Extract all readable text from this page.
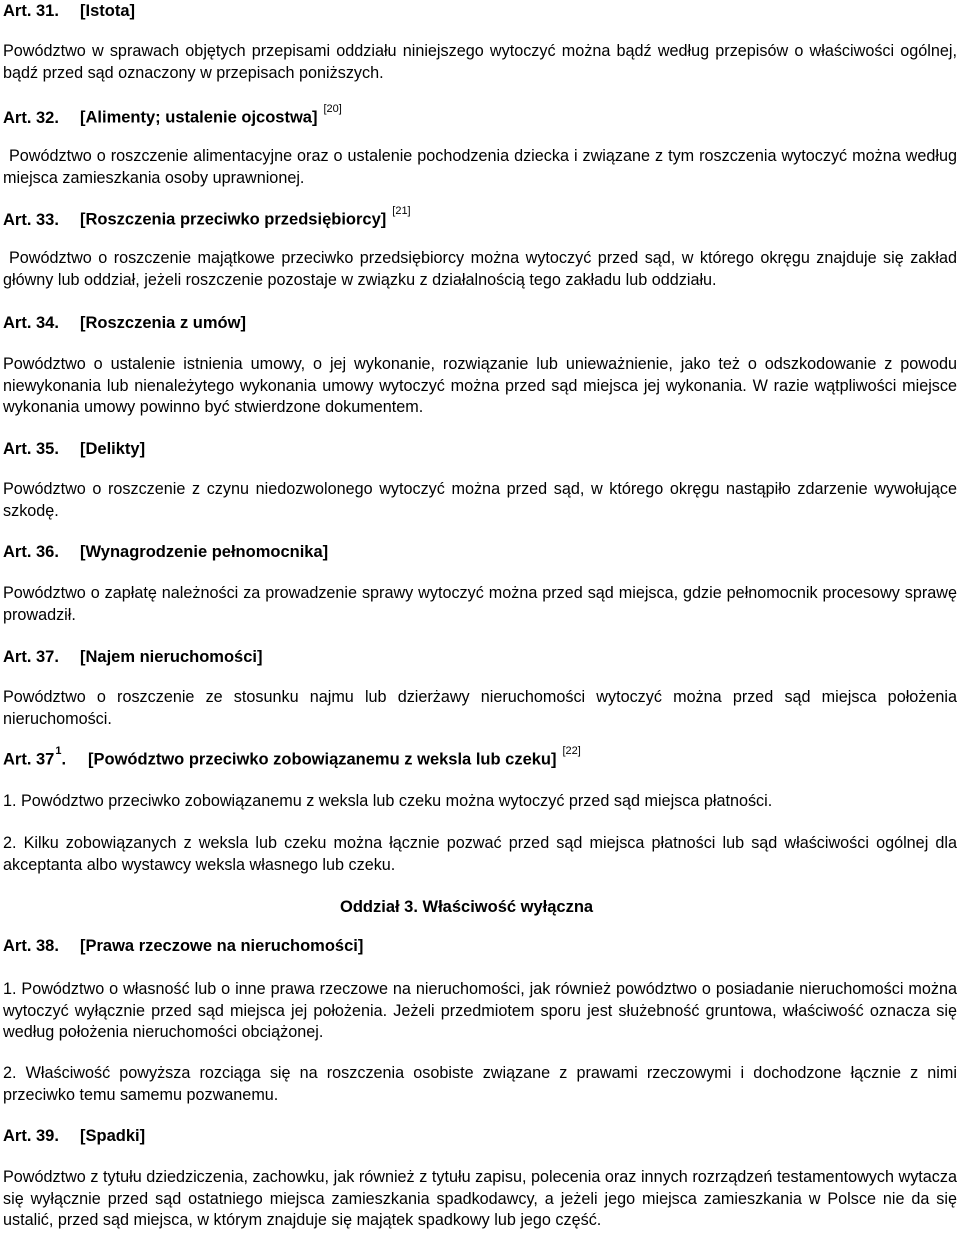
Art. 31. [Istota]
Powództwo w sprawach objętych przepisami oddziału niniejszego wytoczyć można bądź według przepisów o właściwości ogólnej, bądź przed sąd oznaczony w przepisach poniższych.
Art. 32. [Alimenty; ustalenie ojcostwa] [20]
Powództwo o roszczenie alimentacyjne oraz o ustalenie pochodzenia dziecka i związane z tym roszczenia wytoczyć można według miejsca zamieszkania osoby uprawnionej.
Art. 33. [Roszczenia przeciwko przedsiębiorcy] [21]
Powództwo o roszczenie majątkowe przeciwko przedsiębiorcy można wytoczyć przed sąd, w którego okręgu znajduje się zakład główny lub oddział, jeżeli roszczenie pozostaje w związku z działalnością tego zakładu lub oddziału.
Art. 34. [Roszczenia z umów]
Powództwo o ustalenie istnienia umowy, o jej wykonanie, rozwiązanie lub unieważnienie, jako też o odszkodowanie z powodu niewykonania lub nienależytego wykonania umowy wytoczyć można przed sąd miejsca jej wykonania. W razie wątpliwości miejsce wykonania umowy powinno być stwierdzone dokumentem.
Art. 35. [Delikty]
Powództwo o roszczenie z czynu niedozwolonego wytoczyć można przed sąd, w którego okręgu nastąpiło zdarzenie wywołujące szkodę.
Art. 36. [Wynagrodzenie pełnomocnika]
Powództwo o zapłatę należności za prowadzenie sprawy wytoczyć można przed sąd miejsca, gdzie pełnomocnik procesowy sprawę prowadził.
Art. 37. [Najem nieruchomości]
Powództwo o roszczenie ze stosunku najmu lub dzierżawy nieruchomości wytoczyć można przed sąd miejsca położenia nieruchomości.
Art. $37^1$. [Powództwo przeciwko zobowiązanemu z weksla lub czeku] [22]
1. Powództwo przeciwko zobowiązanemu z weksla lub czeku można wytoczyć przed sąd miejsca płatności.
2. Kilku zobowiązanych z weksla lub czeku można łącznie pozwać przed sąd miejsca płatności lub sąd właściwości ogólnej dla akceptanta albo wystawcy weksla własnego lub czeku.
Oddział 3. Właściwość wyłączna
Art. 38. [Prawa rzeczowe na nieruchomości]
1. Powództwo o własność lub o inne prawa rzeczowe na nieruchomości, jak również powództwo o posiadanie nieruchomości można wytoczyć wyłącznie przed sąd miejsca jej położenia. Jeżeli przedmiotem sporu jest służebność gruntowa, właściwość oznacza się według położenia nieruchomości obciążonej.
2. Właściwość powyższa rozciąga się na roszczenia osobiste związane z prawami rzeczowymi i dochodzone łącznie z nimi przeciwko temu samemu pozwanemu.
Art. 39. [Spadki]
Powództwo z tytułu dziedziczenia, zachowku, jak również z tytułu zapisu, polecenia oraz innych rozrządzeń testamentowych wytacza się wyłącznie przed sąd ostatniego miejsca zamieszkania spadkodawcy, a jeżeli jego miejsca zamieszkania w Polsce nie da się ustalić, przed sąd miejsca, w którym znajduje się majątek spadkowy lub jego część.
